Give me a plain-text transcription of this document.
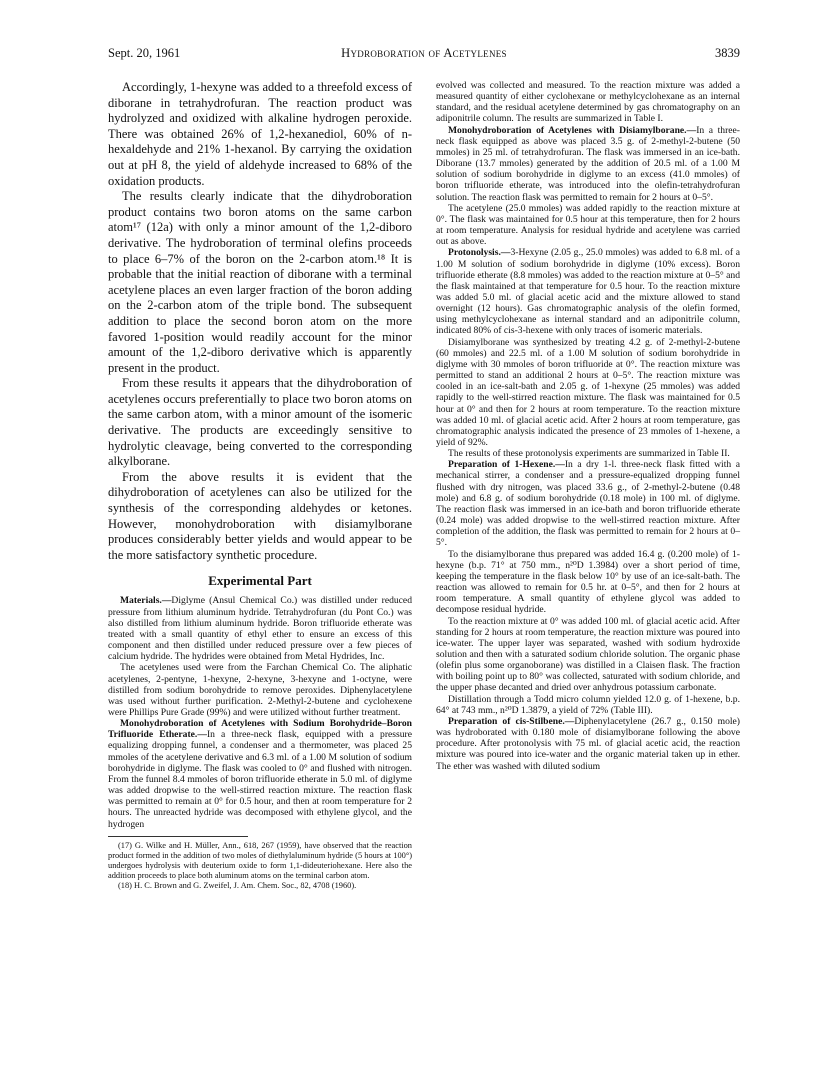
Sept. 20, 1961	Hydroboration of Acetylenes	3839

Accordingly, 1-hexyne was added to a threefold excess of diborane in tetrahydrofuran. The reaction product was hydrolyzed and oxidized with alkaline hydrogen peroxide. There was obtained 26% of 1,2-hexanediol, 60% of n-hexaldehyde and 21% 1-hexanol. By carrying the oxidation out at pH 8, the yield of aldehyde increased to 68% of the oxidation products.

The results clearly indicate that the dihydroboration product contains two boron atoms on the same carbon atom¹⁷ (12a) with only a minor amount of the 1,2-diboro derivative. The hydroboration of terminal olefins proceeds to place 6–7% of the boron on the 2-carbon atom.¹⁸ It is probable that the initial reaction of diborane with a terminal acetylene places an even larger fraction of the boron adding on the 2-carbon atom of the triple bond. The subsequent addition to place the second boron atom on the more favored 1-position would readily account for the minor amount of the 1,2-diboro derivative which is apparently present in the product.

From these results it appears that the dihydroboration of acetylenes occurs preferentially to place two boron atoms on the same carbon atom, with a minor amount of the isomeric derivative. The products are exceedingly sensitive to hydrolytic cleavage, being converted to the corresponding alkylborane.

From the above results it is evident that the dihydroboration of acetylenes can also be utilized for the synthesis of the corresponding aldehydes or ketones. However, monohydroboration with disiamylborane produces considerably better yields and would appear to be the more satisfactory synthetic procedure.

Experimental Part

Materials.—Diglyme (Ansul Chemical Co.) was distilled under reduced pressure from lithium aluminum hydride. Tetrahydrofuran (du Pont Co.) was also distilled from lithium aluminum hydride. Boron trifluoride etherate was treated with a small quantity of ethyl ether to ensure an excess of this component and then distilled under reduced pressure over a few pieces of calcium hydride. The hydrides were obtained from Metal Hydrides, Inc.

The acetylenes used were from the Farchan Chemical Co. The aliphatic acetylenes, 2-pentyne, 1-hexyne, 2-hexyne, 3-hexyne and 1-octyne, were distilled from sodium borohydride to remove peroxides. Diphenylacetylene was used without further purification. 2-Methyl-2-butene and cyclohexene were Phillips Pure Grade (99%) and were utilized without further treatment.

Monohydroboration of Acetylenes with Sodium Borohydride–Boron Trifluoride Etherate.—In a three-neck flask, equipped with a pressure equalizing dropping funnel, a condenser and a thermometer, was placed 25 mmoles of the acetylene derivative and 6.3 ml. of a 1.00 M solution of sodium borohydride in diglyme. The flask was cooled to 0° and flushed with nitrogen. From the funnel 8.4 mmoles of boron trifluoride etherate in 5.0 ml. of diglyme was added dropwise to the well-stirred reaction mixture. The reaction flask was permitted to remain at 0° for 0.5 hour, and then at room temperature for 2 hours. The unreacted hydride was decomposed with ethylene glycol, and the hydrogen

(17) G. Wilke and H. Müller, Ann., 618, 267 (1959), have observed that the reaction product formed in the addition of two moles of diethylaluminum hydride (5 hours at 100°) undergoes hydrolysis with deuterium oxide to form 1,1-dideuteriohexane. Here also the addition proceeds to place both aluminum atoms on the terminal carbon atom.

(18) H. C. Brown and G. Zweifel, J. Am. Chem. Soc., 82, 4708 (1960).

evolved was collected and measured. To the reaction mixture was added a measured quantity of either cyclohexane or methylcyclohexane as an internal standard, and the residual acetylene determined by gas chromatography on an adiponitrile column. The results are summarized in Table I.

Monohydroboration of Acetylenes with Disiamylborane.—In a three-neck flask equipped as above was placed 3.5 g. of 2-methyl-2-butene (50 mmoles) in 25 ml. of tetrahydrofuran. The flask was immersed in an ice-bath. Diborane (13.7 mmoles) generated by the addition of 20.5 ml. of a 1.00 M solution of sodium borohydride in diglyme to an excess (41.0 mmoles) of boron trifluoride etherate, was introduced into the olefin-tetrahydrofuran solution. The reaction flask was permitted to remain for 2 hours at 0–5°.

The acetylene (25.0 mmoles) was added rapidly to the reaction mixture at 0°. The flask was maintained for 0.5 hour at this temperature, then for 2 hours at room temperature. Analysis for residual hydride and acetylene was carried out as above.

Protonolysis.—3-Hexyne (2.05 g., 25.0 mmoles) was added to 6.8 ml. of a 1.00 M solution of sodium borohydride in diglyme (10% excess). Boron trifluoride etherate (8.8 mmoles) was added to the reaction mixture at 0–5° and the flask maintained at that temperature for 0.5 hour. To the reaction mixture was added 5.0 ml. of glacial acetic acid and the mixture allowed to stand overnight (12 hours). Gas chromatographic analysis of the olefin formed, using methylcyclohexane as internal standard and an adiponitrile column, indicated 80% of cis-3-hexene with only traces of isomeric materials.

Disiamylborane was synthesized by treating 4.2 g. of 2-methyl-2-butene (60 mmoles) and 22.5 ml. of a 1.00 M solution of sodium borohydride in diglyme with 30 mmoles of boron trifluoride at 0°. The reaction mixture was permitted to stand an additional 2 hours at 0–5°. The reaction mixture was cooled in an ice-salt-bath and 2.05 g. of 1-hexyne (25 mmoles) was added rapidly to the well-stirred reaction mixture. The flask was maintained for 0.5 hour at 0° and then for 2 hours at room temperature. To the reaction mixture was added 10 ml. of glacial acetic acid. After 2 hours at room temperature, gas chromatographic analysis indicated the presence of 23 mmoles of 1-hexene, a yield of 92%.

The results of these protonolysis experiments are summarized in Table II.

Preparation of 1-Hexene.—In a dry 1-l. three-neck flask fitted with a mechanical stirrer, a condenser and a pressure-equalized dropping funnel flushed with dry nitrogen, was placed 33.6 g., of 2-methyl-2-butene (0.48 mole) and 6.8 g. of sodium borohydride (0.18 mole) in 100 ml. of diglyme. The reaction flask was immersed in an ice-bath and boron trifluoride etherate (0.24 mole) was added dropwise to the well-stirred reaction mixture. After completion of the addition, the flask was permitted to remain for 2 hours at 0–5°.

To the disiamylborane thus prepared was added 16.4 g. (0.200 mole) of 1-hexyne (b.p. 71° at 750 mm., n²⁰D 1.3984) over a short period of time, keeping the temperature in the flask below 10° by use of an ice-salt-bath. The reaction was allowed to remain for 0.5 hr. at 0–5°, and then for 2 hours at room temperature. A small quantity of ethylene glycol was added to decompose residual hydride.

To the reaction mixture at 0° was added 100 ml. of glacial acetic acid. After standing for 2 hours at room temperature, the reaction mixture was poured into ice-water. The upper layer was separated, washed with sodium hydroxide solution and then with a saturated sodium chloride solution. The organic phase (olefin plus some organoborane) was distilled in a Claisen flask. The fraction with boiling point up to 80° was collected, saturated with sodium chloride, and the upper phase decanted and dried over anhydrous potassium carbonate.

Distillation through a Todd micro column yielded 12.0 g. of 1-hexene, b.p. 64° at 743 mm., n²⁰D 1.3879, a yield of 72% (Table III).

Preparation of cis-Stilbene.—Diphenylacetylene (26.7 g., 0.150 mole) was hydroborated with 0.180 mole of disiamylborane following the above procedure. After protonolysis with 75 ml. of glacial acetic acid, the reaction mixture was poured into ice-water and the organic material taken up in ether. The ether was washed with diluted sodium
